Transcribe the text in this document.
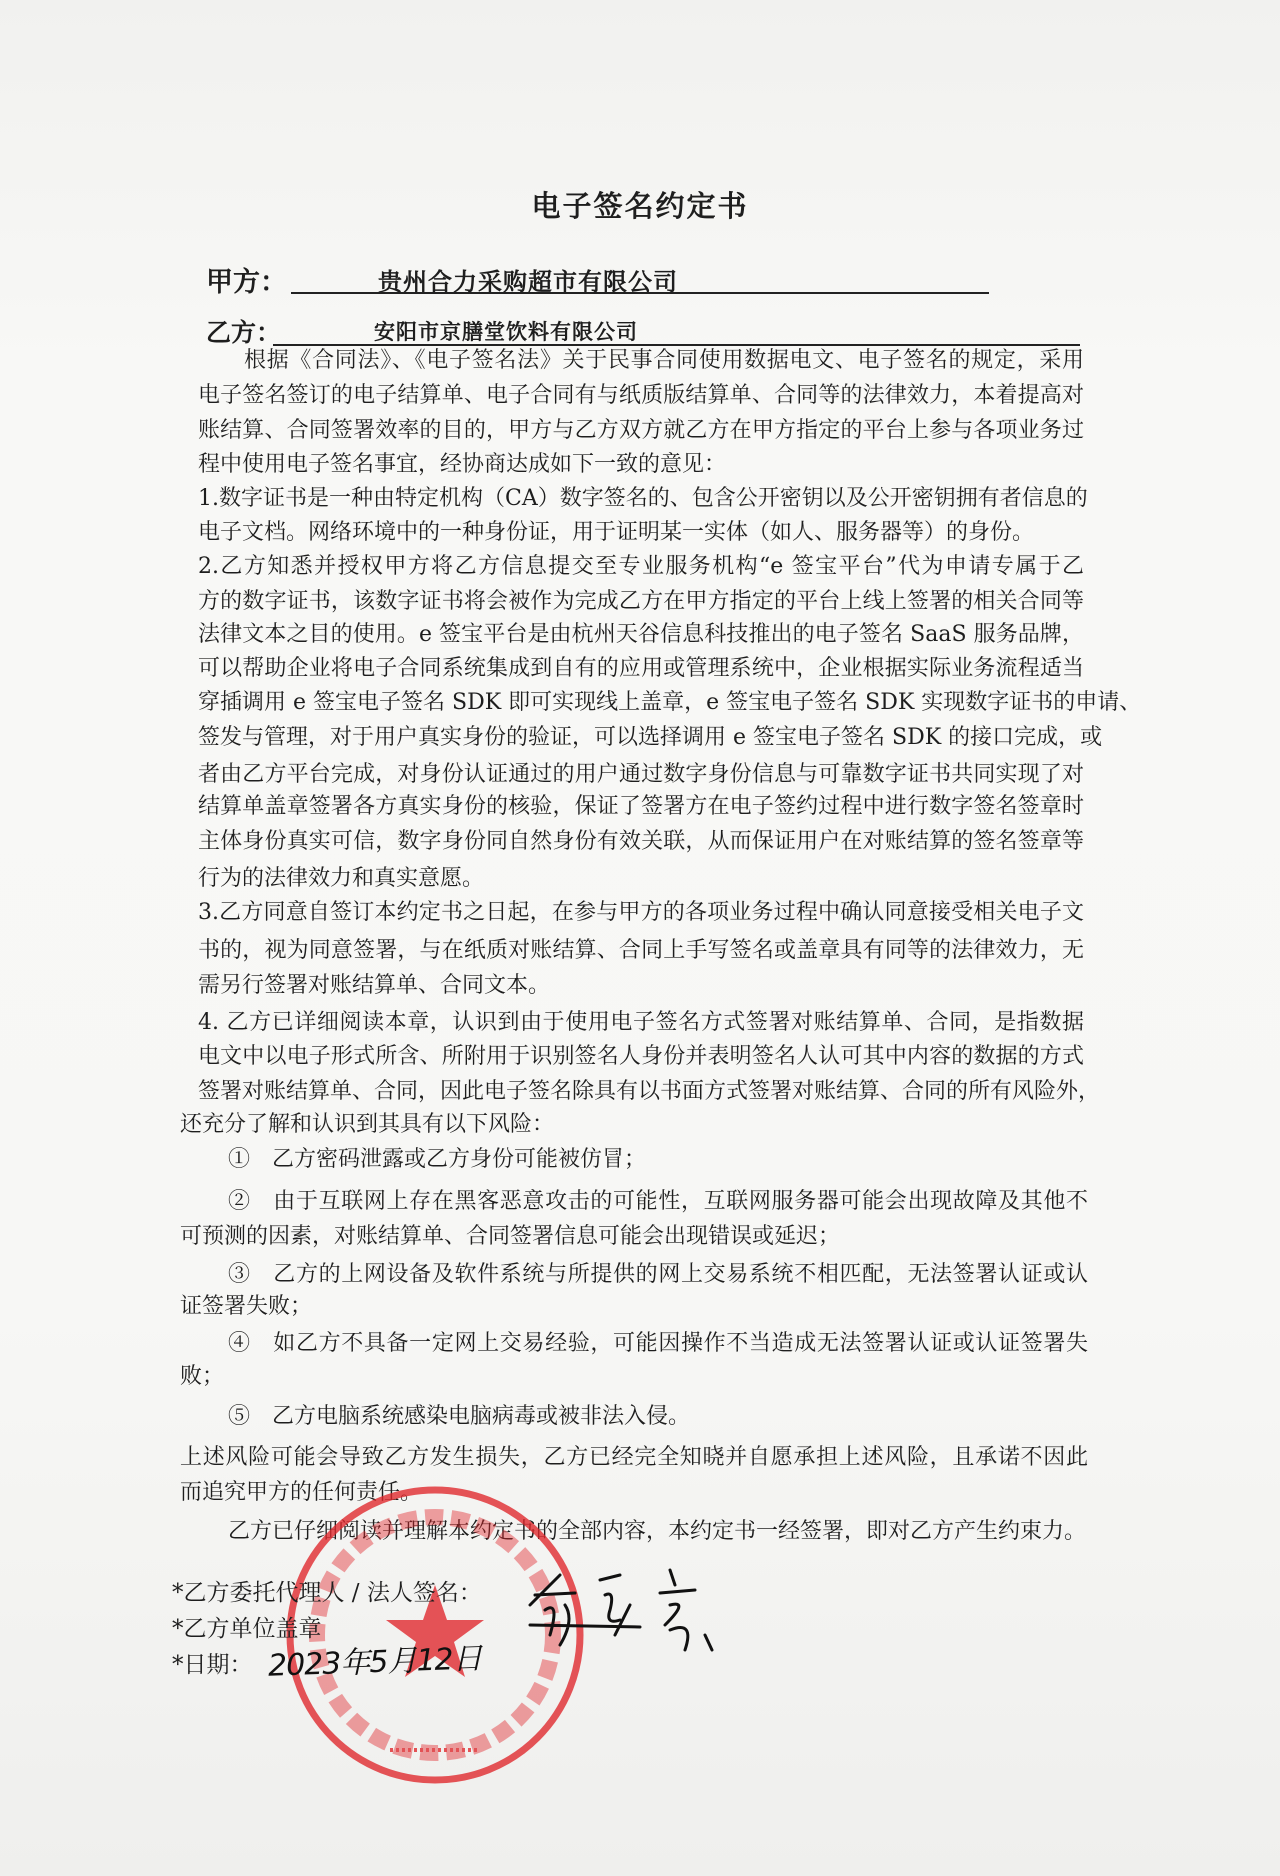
电子签名约定书
甲方：	贵州合力采购超市有限公司
乙方：	安阳市京膳堂饮料有限公司
根据《合同法》、《电子签名法》关于民事合同使用数据电文、电子签名的规定，采用
电子签名签订的电子结算单、电子合同有与纸质版结算单、合同等的法律效力，本着提高对
账结算、合同签署效率的目的，甲方与乙方双方就乙方在甲方指定的平台上参与各项业务过
程中使用电子签名事宜，经协商达成如下一致的意见：
1.数字证书是一种由特定机构（CA）数字签名的、包含公开密钥以及公开密钥拥有者信息的
电子文档。网络环境中的一种身份证，用于证明某一实体（如人、服务器等）的身份。
2.乙方知悉并授权甲方将乙方信息提交至专业服务机构“e 签宝平台”代为申请专属于乙
方的数字证书，该数字证书将会被作为完成乙方在甲方指定的平台上线上签署的相关合同等
法律文本之目的使用。e 签宝平台是由杭州天谷信息科技推出的电子签名 SaaS 服务品牌，
可以帮助企业将电子合同系统集成到自有的应用或管理系统中，企业根据实际业务流程适当
穿插调用 e 签宝电子签名 SDK 即可实现线上盖章，e 签宝电子签名 SDK 实现数字证书的申请、
签发与管理，对于用户真实身份的验证，可以选择调用 e 签宝电子签名 SDK 的接口完成，或
者由乙方平台完成，对身份认证通过的用户通过数字身份信息与可靠数字证书共同实现了对
结算单盖章签署各方真实身份的核验，保证了签署方在电子签约过程中进行数字签名签章时
主体身份真实可信，数字身份同自然身份有效关联，从而保证用户在对账结算的签名签章等
行为的法律效力和真实意愿。
3.乙方同意自签订本约定书之日起，在参与甲方的各项业务过程中确认同意接受相关电子文
书的，视为同意签署，与在纸质对账结算、合同上手写签名或盖章具有同等的法律效力，无
需另行签署对账结算单、合同文本。
4. 乙方已详细阅读本章，认识到由于使用电子签名方式签署对账结算单、合同，是指数据
电文中以电子形式所含、所附用于识别签名人身份并表明签名人认可其中内容的数据的方式
签署对账结算单、合同，因此电子签名除具有以书面方式签署对账结算、合同的所有风险外，
还充分了解和认识到其具有以下风险：
①　乙方密码泄露或乙方身份可能被仿冒；
②　由于互联网上存在黑客恶意攻击的可能性，互联网服务器可能会出现故障及其他不
可预测的因素，对账结算单、合同签署信息可能会出现错误或延迟；
③　乙方的上网设备及软件系统与所提供的网上交易系统不相匹配，无法签署认证或认
证签署失败；
④　如乙方不具备一定网上交易经验，可能因操作不当造成无法签署认证或认证签署失
败；
⑤　乙方电脑系统感染电脑病毒或被非法入侵。
上述风险可能会导致乙方发生损失，乙方已经完全知晓并自愿承担上述风险，且承诺不因此
而追究甲方的任何责任。
乙方已仔细阅读并理解本约定书的全部内容，本约定书一经签署，即对乙方产生约束力。
*乙方委托代理人 / 法人签名：
*乙方单位盖章
*日期： 2023年5月12日
